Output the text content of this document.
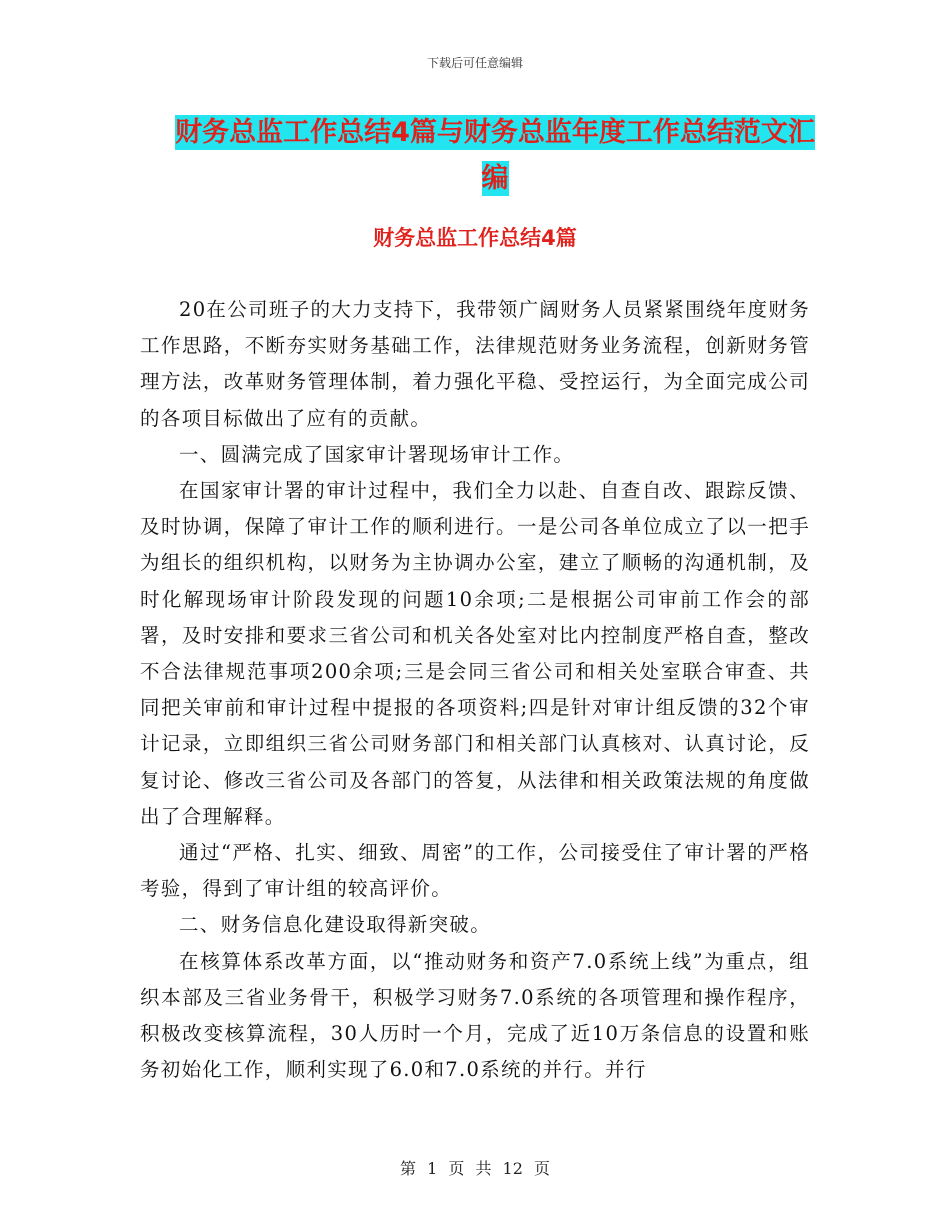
下载后可任意编辑
财务总监工作总结4篇与财务总监年度工作总结范文汇编
财务总监工作总结4篇

20在公司班子的大力支持下，我带领广阔财务人员紧紧围绕年度财务工作思路，不断夯实财务基础工作，法律规范财务业务流程，创新财务管理方法，改革财务管理体制，着力强化平稳、受控运行，为全面完成公司的各项目标做出了应有的贡献。

一、圆满完成了国家审计署现场审计工作。

在国家审计署的审计过程中，我们全力以赴、自查自改、跟踪反馈、及时协调，保障了审计工作的顺利进行。一是公司各单位成立了以一把手为组长的组织机构，以财务为主协调办公室，建立了顺畅的沟通机制，及时化解现场审计阶段发现的问题10余项;二是根据公司审前工作会的部署，及时安排和要求三省公司和机关各处室对比内控制度严格自查，整改不合法律规范事项200余项;三是会同三省公司和相关处室联合审查、共同把关审前和审计过程中提报的各项资料;四是针对审计组反馈的32个审计记录，立即组织三省公司财务部门和相关部门认真核对、认真讨论，反复讨论、修改三省公司及各部门的答复，从法律和相关政策法规的角度做出了合理解释。

通过“严格、扎实、细致、周密”的工作，公司接受住了审计署的严格考验，得到了审计组的较高评价。

二、财务信息化建设取得新突破。

在核算体系改革方面，以“推动财务和资产7.0系统上线”为重点，组织本部及三省业务骨干，积极学习财务7.0系统的各项管理和操作程序，积极改变核算流程，30人历时一个月，完成了近10万条信息的设置和账务初始化工作，顺利实现了6.0和7.0系统的并行。并行

第 1 页 共 12 页
